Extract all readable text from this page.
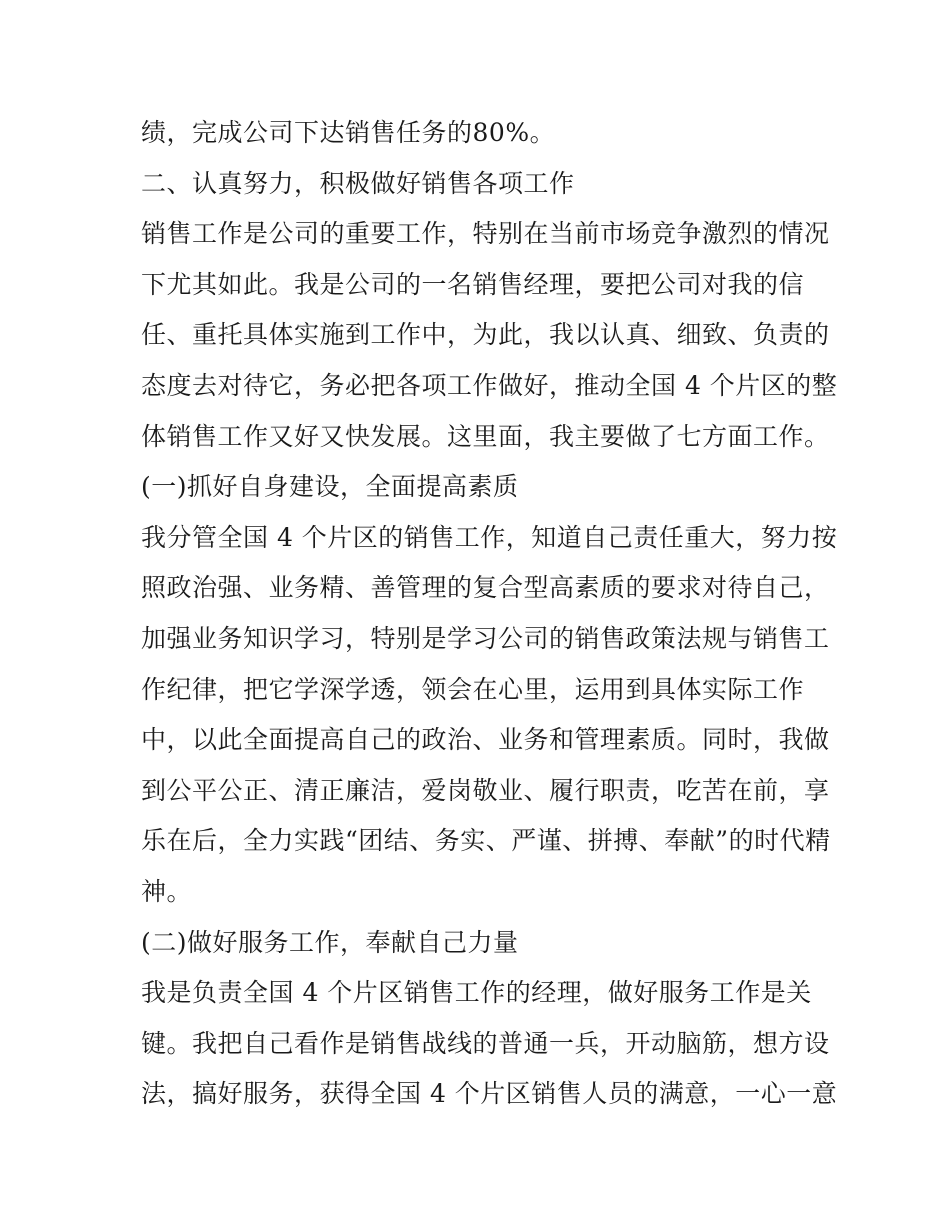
绩，完成公司下达销售任务的80%。
二、认真努力，积极做好销售各项工作
销售工作是公司的重要工作，特别在当前市场竞争激烈的情况
下尤其如此。我是公司的一名销售经理，要把公司对我的信
任、重托具体实施到工作中，为此，我以认真、细致、负责的
态度去对待它，务必把各项工作做好，推动全国 4 个片区的整
体销售工作又好又快发展。这里面，我主要做了七方面工作。
(一)抓好自身建设，全面提高素质
我分管全国 4 个片区的销售工作，知道自己责任重大，努力按
照政治强、业务精、善管理的复合型高素质的要求对待自己，
加强业务知识学习，特别是学习公司的销售政策法规与销售工
作纪律，把它学深学透，领会在心里，运用到具体实际工作
中，以此全面提高自己的政治、业务和管理素质。同时，我做
到公平公正、清正廉洁，爱岗敬业、履行职责，吃苦在前，享
乐在后，全力实践“团结、务实、严谨、拼搏、奉献”的时代精
神。
(二)做好服务工作，奉献自己力量
我是负责全国 4 个片区销售工作的经理，做好服务工作是关
键。我把自己看作是销售战线的普通一兵，开动脑筋，想方设
法，搞好服务，获得全国 4 个片区销售人员的满意，一心一意
